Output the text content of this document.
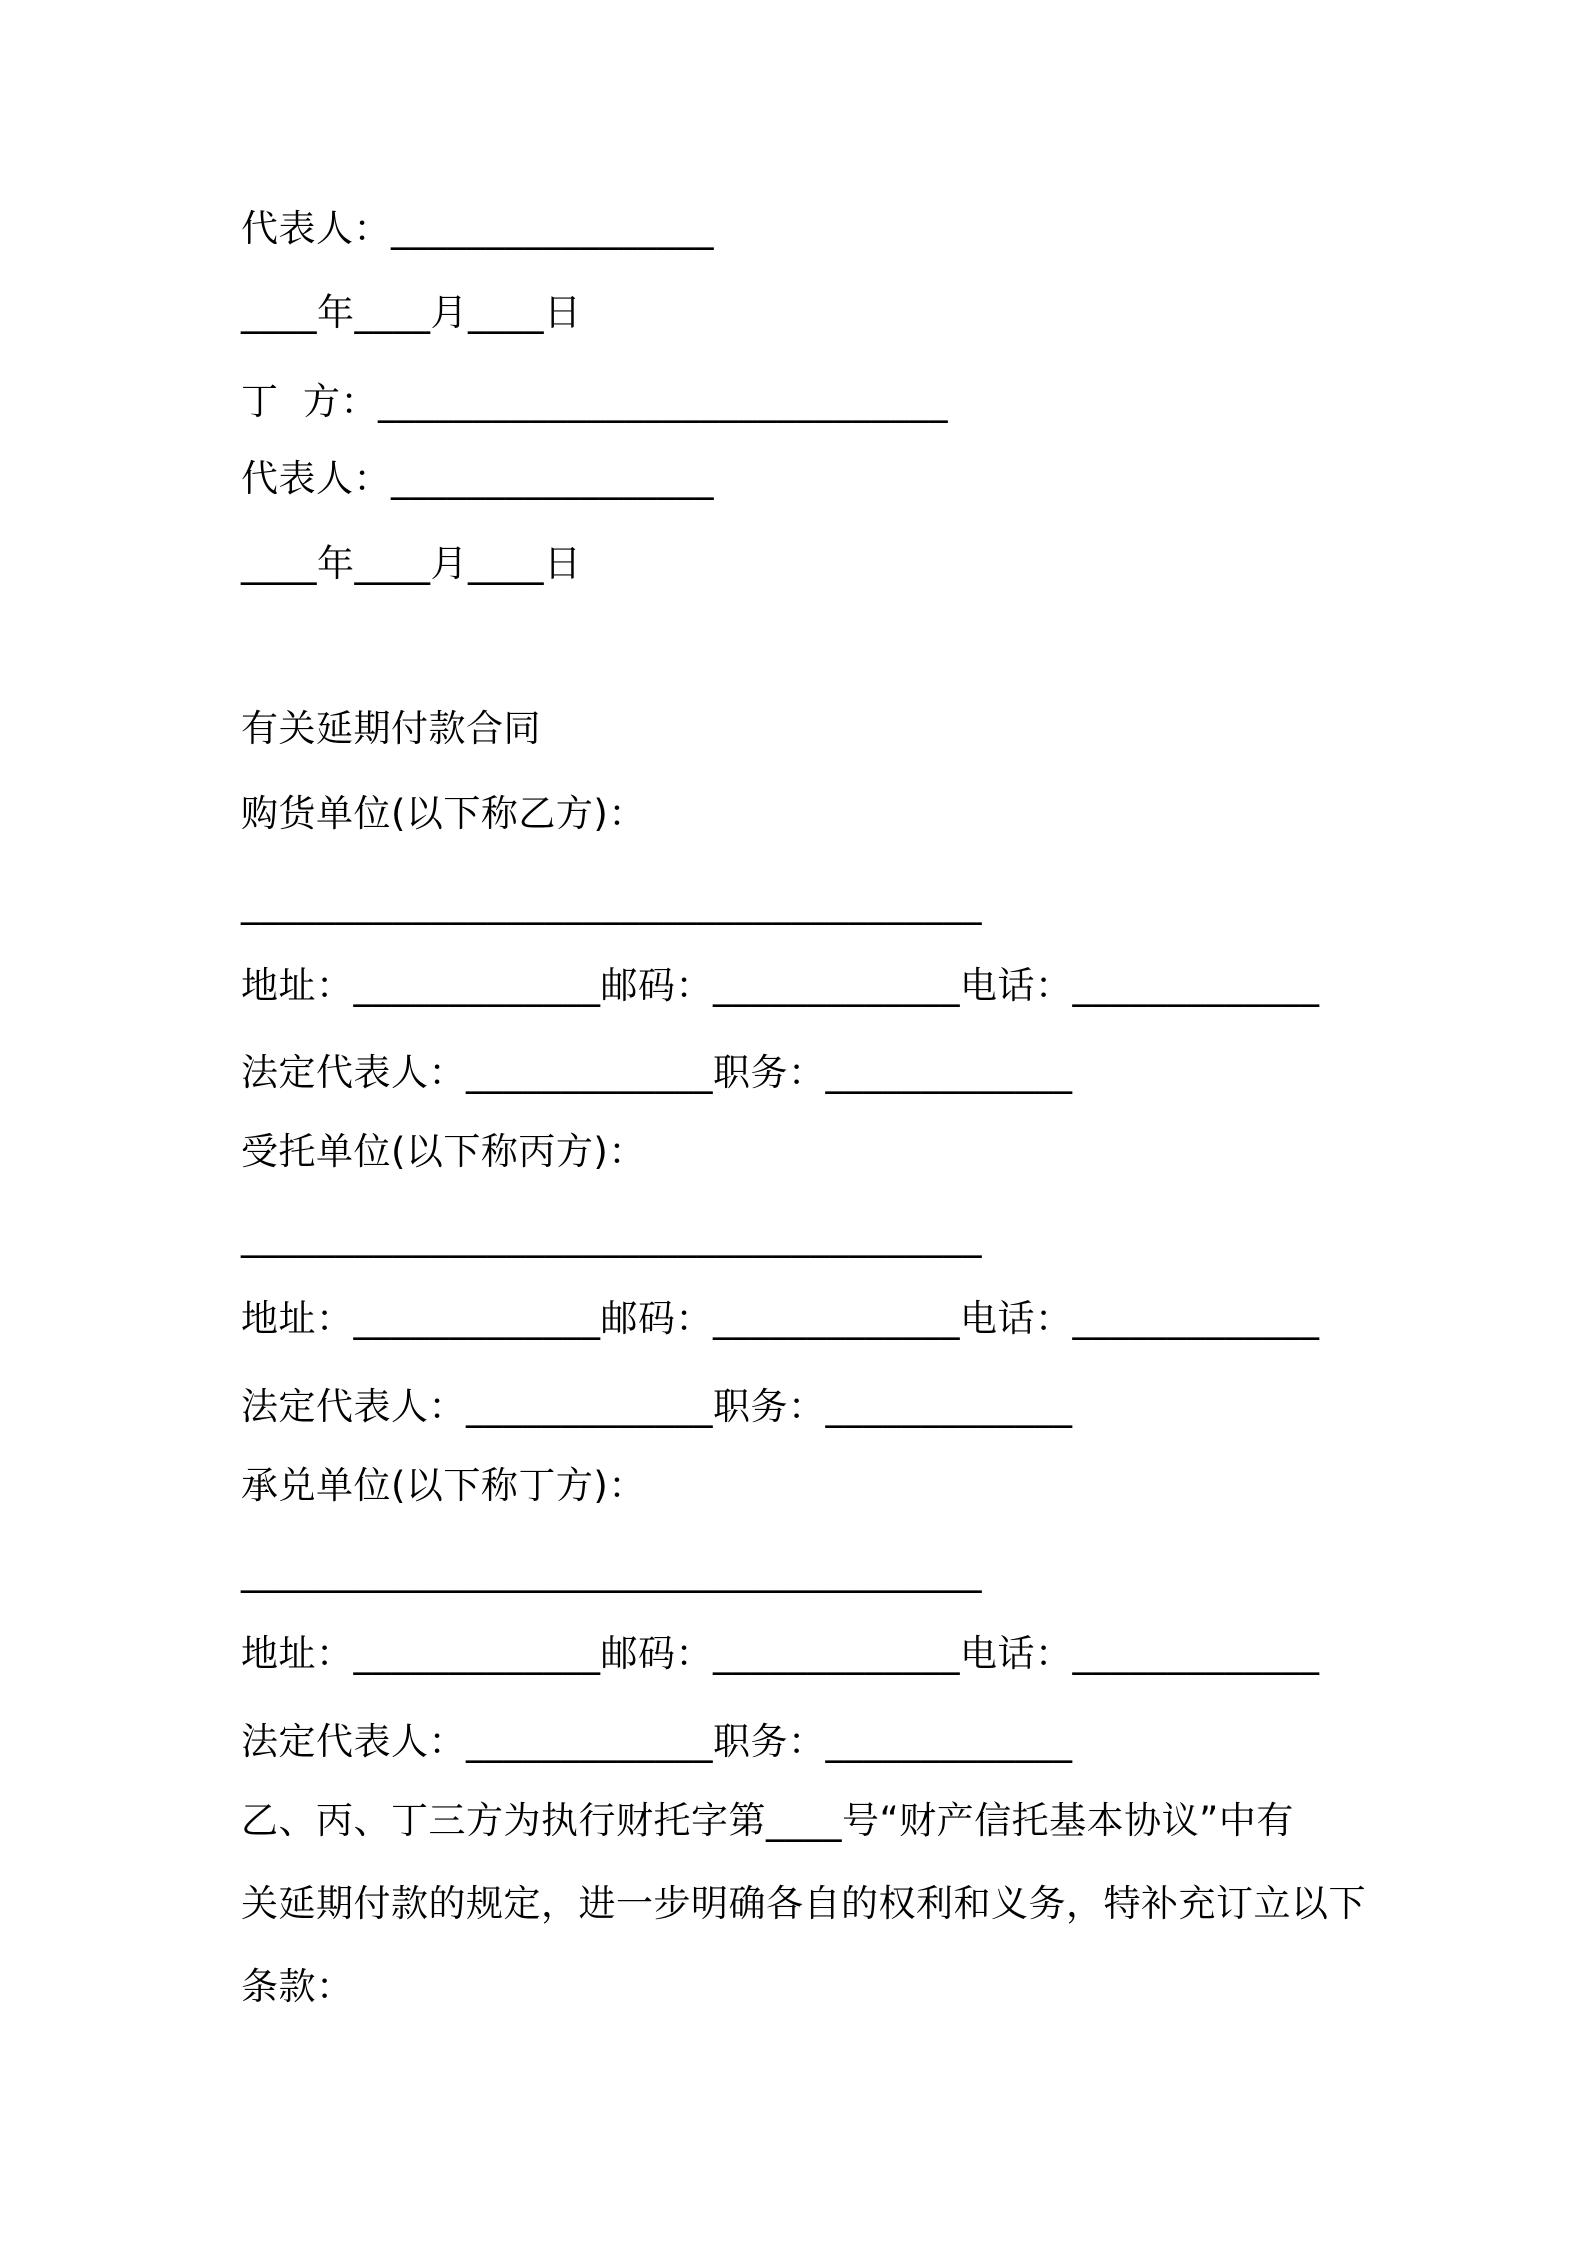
代表人：_________________
____年____月____日
丁  方：______________________________
代表人：_________________
____年____月____日
有关延期付款合同
购货单位(以下称乙方)：
_______________________________________
地址：_____________邮码：_____________电话：_____________
法定代表人：_____________职务：_____________
受托单位(以下称丙方)：
_______________________________________
地址：_____________邮码：_____________电话：_____________
法定代表人：_____________职务：_____________
承兑单位(以下称丁方)：
_______________________________________
地址：_____________邮码：_____________电话：_____________
法定代表人：_____________职务：_____________
乙、丙、丁三方为执行财托字第____号“财产信托基本协议”中有
关延期付款的规定，进一步明确各自的权利和义务，特补充订立以下
条款：
